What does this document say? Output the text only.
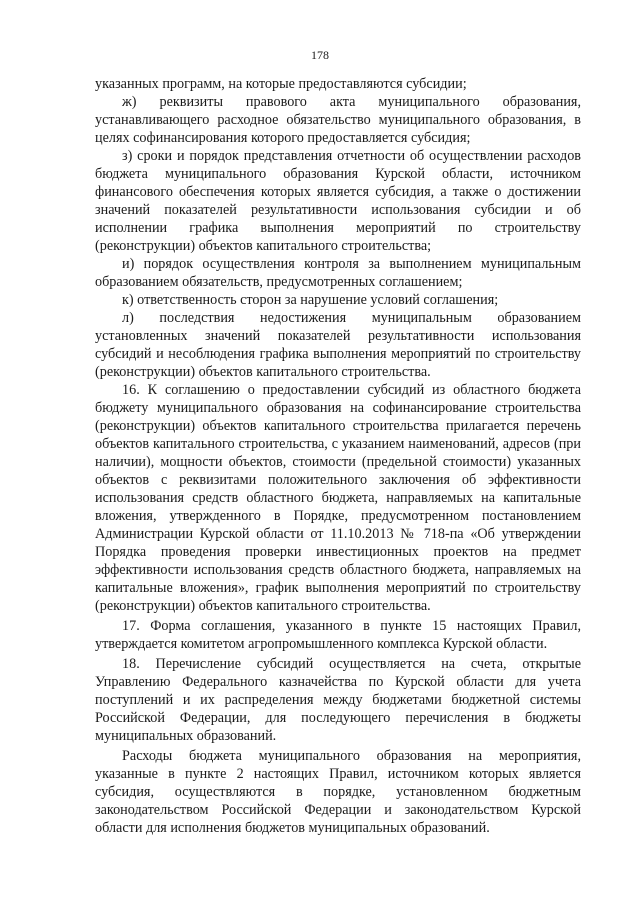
178

указанных программ, на которые предоставляются субсидии;

ж) реквизиты правового акта муниципального образования, устанавливающего расходное обязательство муниципального образования, в целях софинансирования которого предоставляется субсидия;

з) сроки и порядок представления отчетности об осуществлении расходов бюджета муниципального образования Курской области, источником финансового обеспечения которых является субсидия, а также о достижении значений показателей результативности использования субсидии и об исполнении графика выполнения мероприятий по строительству (реконструкции) объектов капитального строительства;

и) порядок осуществления контроля за выполнением муниципальным образованием обязательств, предусмотренных соглашением;

к) ответственность сторон за нарушение условий соглашения;

л) последствия недостижения муниципальным образованием установленных значений показателей результативности использования субсидий и несоблюдения графика выполнения мероприятий по строительству (реконструкции) объектов капитального строительства.

16. К соглашению о предоставлении субсидий из областного бюджета бюджету муниципального образования на софинансирование строительства (реконструкции) объектов капитального строительства прилагается перечень объектов капитального строительства, с указанием наименований, адресов (при наличии), мощности объектов, стоимости (предельной стоимости) указанных объектов с реквизитами положительного заключения об эффективности использования средств областного бюджета, направляемых на капитальные вложения, утвержденного в Порядке, предусмотренном постановлением Администрации Курской области от 11.10.2013 № 718-па «Об утверждении Порядка проведения проверки инвестиционных проектов на предмет эффективности использования средств областного бюджета, направляемых на капитальные вложения», график выполнения мероприятий по строительству (реконструкции) объектов капитального строительства.

17. Форма соглашения, указанного в пункте 15 настоящих Правил, утверждается комитетом агропромышленного комплекса Курской области.

18. Перечисление субсидий осуществляется на счета, открытые Управлению Федерального казначейства по Курской области для учета поступлений и их распределения между бюджетами бюджетной системы Российской Федерации, для последующего перечисления в бюджеты муниципальных образований.

Расходы бюджета муниципального образования на мероприятия, указанные в пункте 2 настоящих Правил, источником которых является субсидия, осуществляются в порядке, установленном бюджетным законодательством Российской Федерации и законодательством Курской области для исполнения бюджетов муниципальных образований.
